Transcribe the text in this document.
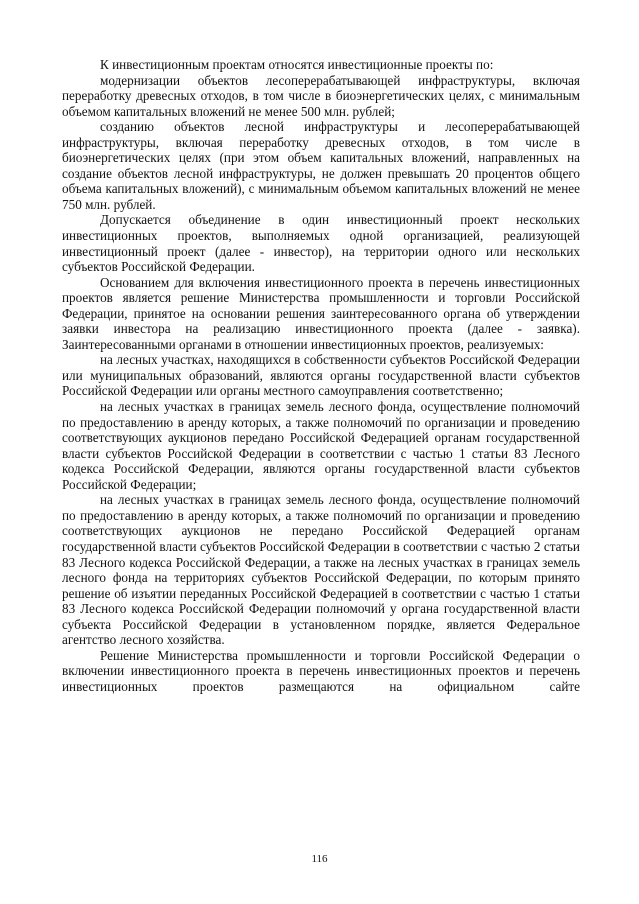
К инвестиционным проектам относятся инвестиционные проекты по:

модернизации объектов лесоперерабатывающей инфраструктуры, включая переработку древесных отходов, в том числе в биоэнергетических целях, с минимальным объемом капитальных вложений не менее 500 млн. рублей;

созданию объектов лесной инфраструктуры и лесоперерабатывающей инфраструктуры, включая переработку древесных отходов, в том числе в биоэнергетических целях (при этом объем капитальных вложений, направленных на создание объектов лесной инфраструктуры, не должен превышать 20 процентов общего объема капитальных вложений), с минимальным объемом капитальных вложений не менее 750 млн. рублей.

Допускается объединение в один инвестиционный проект нескольких инвестиционных проектов, выполняемых одной организацией, реализующей инвестиционный проект (далее - инвестор), на территории одного или нескольких субъектов Российской Федерации.

Основанием для включения инвестиционного проекта в перечень инвестиционных проектов является решение Министерства промышленности и торговли Российской Федерации, принятое на основании решения заинтересованного органа об утверждении заявки инвестора на реализацию инвестиционного проекта (далее - заявка). Заинтересованными органами в отношении инвестиционных проектов, реализуемых:

на лесных участках, находящихся в собственности субъектов Российской Федерации или муниципальных образований, являются органы государственной власти субъектов Российской Федерации или органы местного самоуправления соответственно;

на лесных участках в границах земель лесного фонда, осуществление полномочий по предоставлению в аренду которых, а также полномочий по организации и проведению соответствующих аукционов передано Российской Федерацией органам государственной власти субъектов Российской Федерации в соответствии с частью 1 статьи 83 Лесного кодекса Российской Федерации, являются органы государственной власти субъектов Российской Федерации;

на лесных участках в границах земель лесного фонда, осуществление полномочий по предоставлению в аренду которых, а также полномочий по организации и проведению соответствующих аукционов не передано Российской Федерацией органам государственной власти субъектов Российской Федерации в соответствии с частью 2 статьи 83 Лесного кодекса Российской Федерации, а также на лесных участках в границах земель лесного фонда на территориях субъектов Российской Федерации, по которым принято решение об изъятии переданных Российской Федерацией в соответствии с частью 1 статьи 83 Лесного кодекса Российской Федерации полномочий у органа государственной власти субъекта Российской Федерации в установленном порядке, является Федеральное агентство лесного хозяйства.

Решение Министерства промышленности и торговли Российской Федерации о включении инвестиционного проекта в перечень инвестиционных проектов и перечень инвестиционных проектов размещаются на официальном сайте

116
